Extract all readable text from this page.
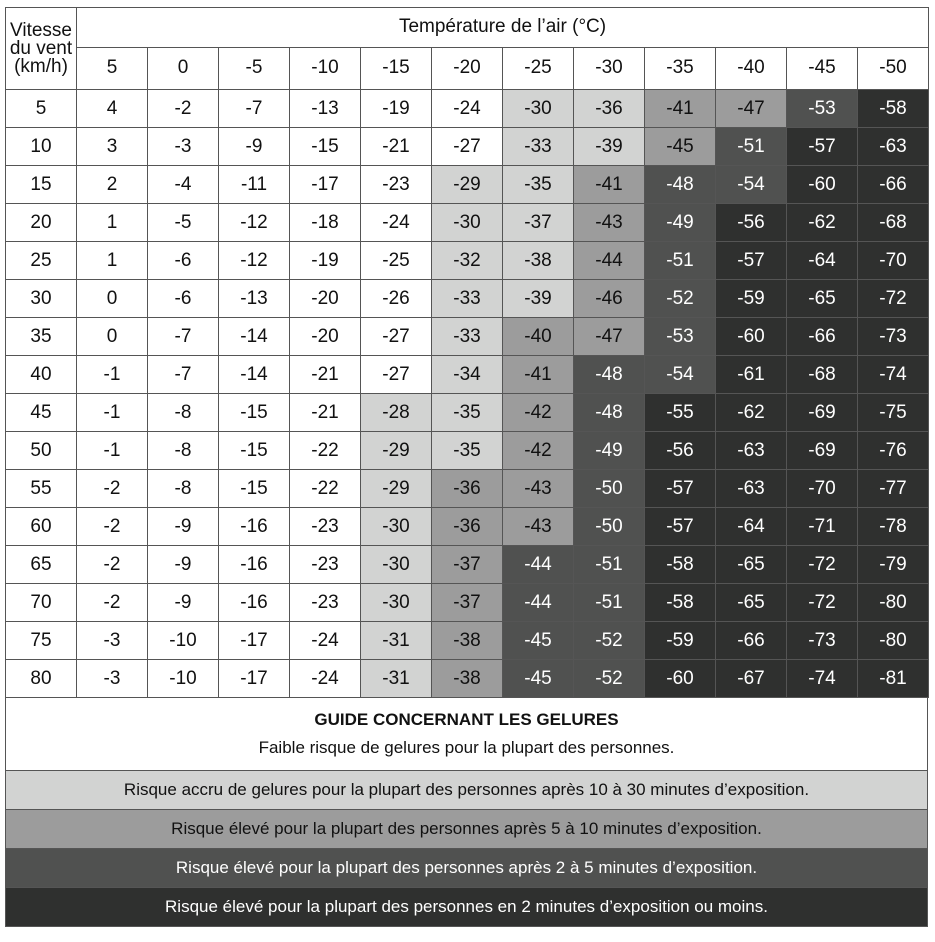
Vitesse
du vent
(km/h)	Température de l’air (°C)											
	5	0	-5	-10	-15	-20	-25	-30	-35	-40	-45	-50
5	4	-2	-7	-13	-19	-24	-30	-36	-41	-47	-53	-58
10	3	-3	-9	-15	-21	-27	-33	-39	-45	-51	-57	-63
15	2	-4	-11	-17	-23	-29	-35	-41	-48	-54	-60	-66
20	1	-5	-12	-18	-24	-30	-37	-43	-49	-56	-62	-68
25	1	-6	-12	-19	-25	-32	-38	-44	-51	-57	-64	-70
30	0	-6	-13	-20	-26	-33	-39	-46	-52	-59	-65	-72
35	0	-7	-14	-20	-27	-33	-40	-47	-53	-60	-66	-73
40	-1	-7	-14	-21	-27	-34	-41	-48	-54	-61	-68	-74
45	-1	-8	-15	-21	-28	-35	-42	-48	-55	-62	-69	-75
50	-1	-8	-15	-22	-29	-35	-42	-49	-56	-63	-69	-76
55	-2	-8	-15	-22	-29	-36	-43	-50	-57	-63	-70	-77
60	-2	-9	-16	-23	-30	-36	-43	-50	-57	-64	-71	-78
65	-2	-9	-16	-23	-30	-37	-44	-51	-58	-65	-72	-79
70	-2	-9	-16	-23	-30	-37	-44	-51	-58	-65	-72	-80
75	-3	-10	-17	-24	-31	-38	-45	-52	-59	-66	-73	-80
80	-3	-10	-17	-24	-31	-38	-45	-52	-60	-67	-74	-81
GUIDE CONCERNANT LES GELURES
Faible risque de gelures pour la plupart des personnes.

Risque accru de gelures pour la plupart des personnes après 10 à 30 minutes d’exposition.
Risque élevé pour la plupart des personnes après 5 à 10 minutes d’exposition.
Risque élevé pour la plupart des personnes après 2 à 5 minutes d’exposition.
Risque élevé pour la plupart des personnes en 2 minutes d’exposition ou moins.
